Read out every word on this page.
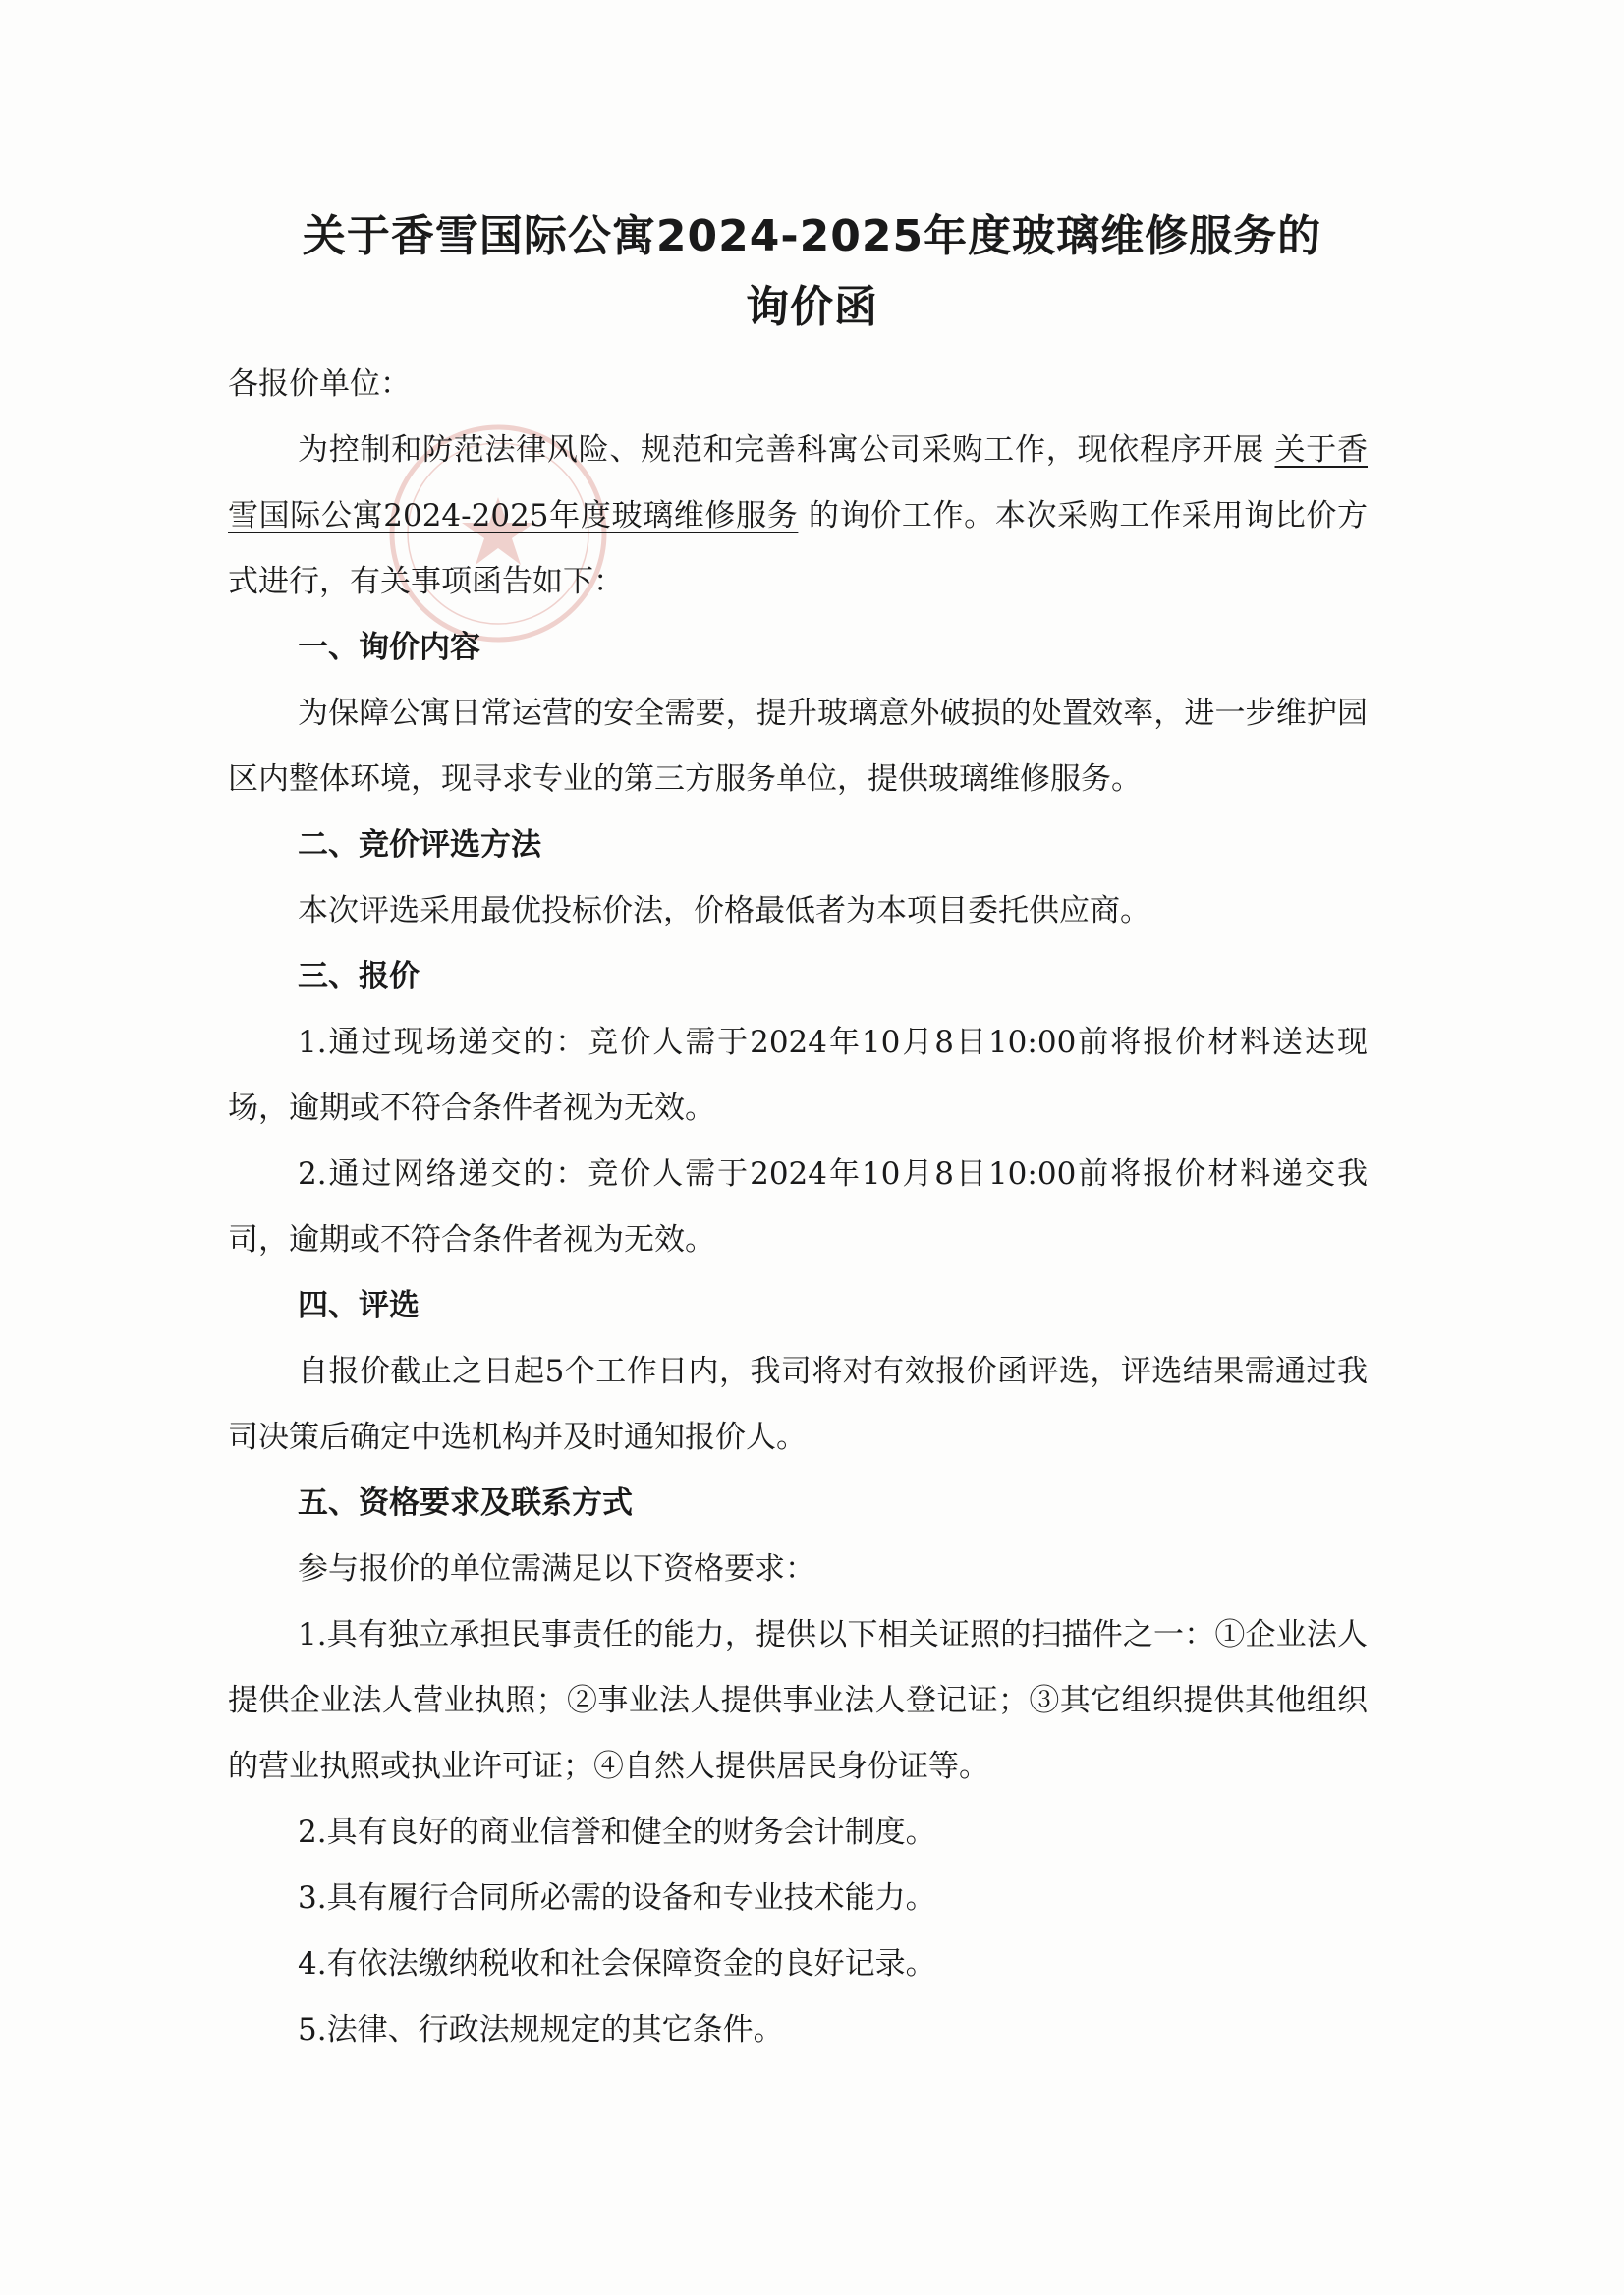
关于香雪国际公寓2024-2025年度玻璃维修服务的
询价函

各报价单位：

为控制和防范法律风险、规范和完善科寓公司采购工作，现依程序开展 关于香雪国际公寓2024-2025年度玻璃维修服务 的询价工作。本次采购工作采用询比价方式进行，有关事项函告如下：

一、询价内容

为保障公寓日常运营的安全需要，提升玻璃意外破损的处置效率，进一步维护园区内整体环境，现寻求专业的第三方服务单位，提供玻璃维修服务。

二、竞价评选方法

本次评选采用最优投标价法，价格最低者为本项目委托供应商。

三、报价

1.通过现场递交的：竞价人需于2024年10月8日10:00前将报价材料送达现场，逾期或不符合条件者视为无效。

2.通过网络递交的：竞价人需于2024年10月8日10:00前将报价材料递交我司，逾期或不符合条件者视为无效。

四、评选

自报价截止之日起5个工作日内，我司将对有效报价函评选，评选结果需通过我司决策后确定中选机构并及时通知报价人。

五、资格要求及联系方式

参与报价的单位需满足以下资格要求：

1.具有独立承担民事责任的能力，提供以下相关证照的扫描件之一：①企业法人提供企业法人营业执照；②事业法人提供事业法人登记证；③其它组织提供其他组织的营业执照或执业许可证；④自然人提供居民身份证等。

2.具有良好的商业信誉和健全的财务会计制度。

3.具有履行合同所必需的设备和专业技术能力。

4.有依法缴纳税收和社会保障资金的良好记录。

5.法律、行政法规规定的其它条件。
